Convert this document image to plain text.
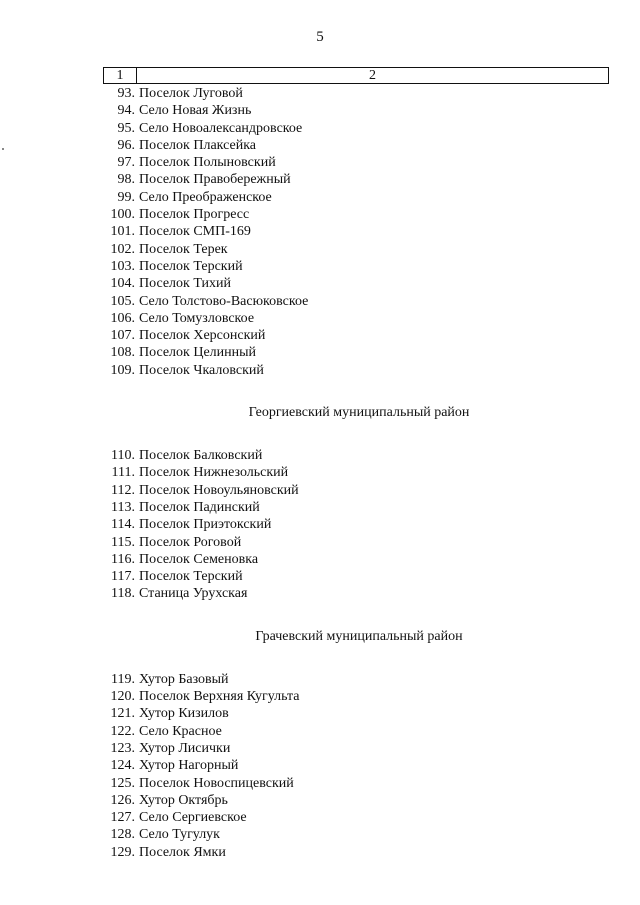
5
1	2
93. Поселок Луговой
94. Село Новая Жизнь
95. Село Новоалександровское
96. Поселок Плаксейка
97. Поселок Полыновский
98. Поселок Правобережный
99. Село Преображенское
100. Поселок Прогресс
101. Поселок СМП-169
102. Поселок Терек
103. Поселок Терский
104. Поселок Тихий
105. Село Толстово-Васюковское
106. Село Томузловское
107. Поселок Херсонский
108. Поселок Целинный
109. Поселок Чкаловский
Георгиевский муниципальный район
110. Поселок Балковский
111. Поселок Нижнезольский
112. Поселок Новоульяновский
113. Поселок Падинский
114. Поселок Приэтокский
115. Поселок Роговой
116. Поселок Семеновка
117. Поселок Терский
118. Станица Урухская
Грачевский муниципальный район
119. Хутор Базовый
120. Поселок Верхняя Кугульта
121. Хутор Кизилов
122. Село Красное
123. Хутор Лисички
124. Хутор Нагорный
125. Поселок Новоспицевский
126. Хутор Октябрь
127. Село Сергиевское
128. Село Тугулук
129. Поселок Ямки
